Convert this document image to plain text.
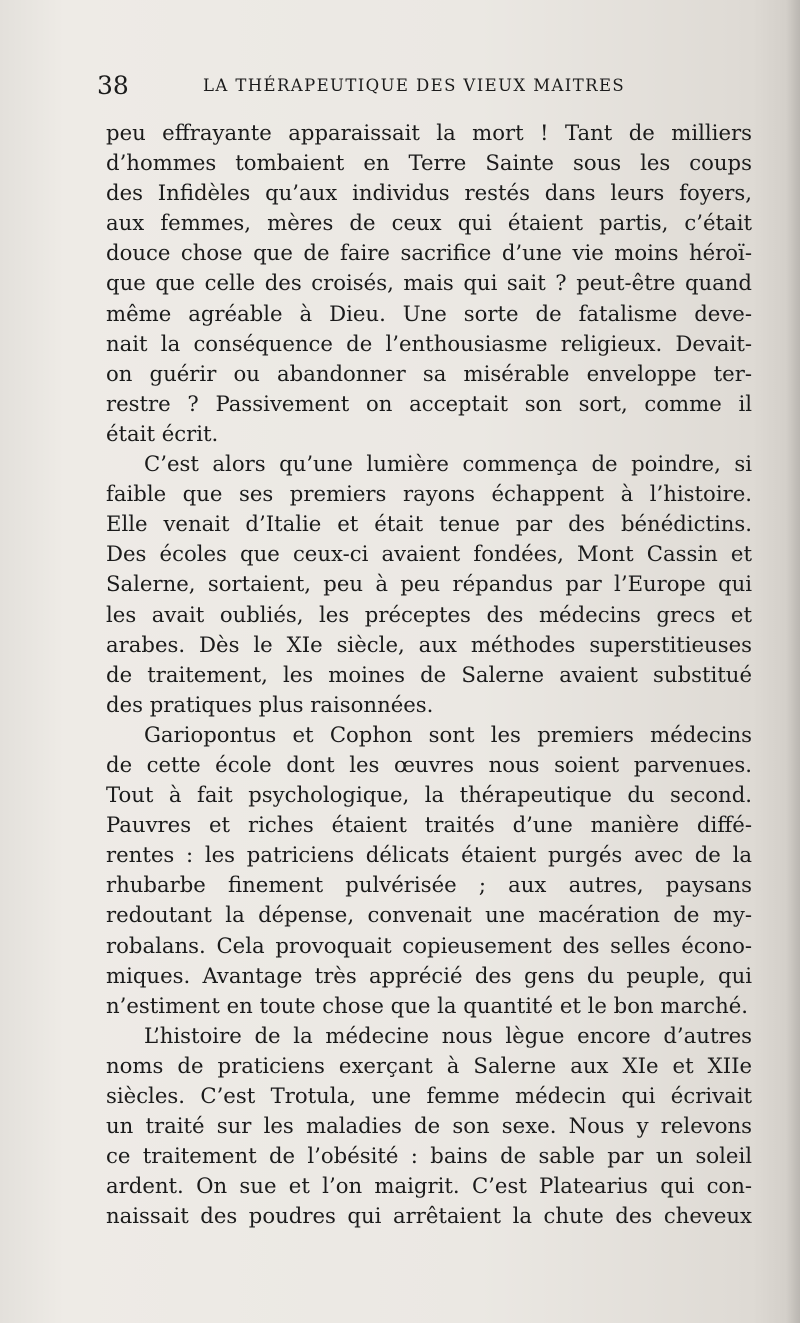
38	LA THÉRAPEUTIQUE DES VIEUX MAITRES
peu effrayante apparaissait la mort ! Tant de milliers
d’hommes tombaient en Terre Sainte sous les coups
des Infidèles qu’aux individus restés dans leurs foyers,
aux femmes, mères de ceux qui étaient partis, c’était
douce chose que de faire sacrifice d’une vie moins héroï-
que que celle des croisés, mais qui sait ? peut-être quand
même agréable à Dieu. Une sorte de fatalisme deve-
nait la conséquence de l’enthousiasme religieux. Devait-
on guérir ou abandonner sa misérable enveloppe ter-
restre ? Passivement on acceptait son sort, comme il
était écrit.
C’est alors qu’une lumière commença de poindre, si
faible que ses premiers rayons échappent à l’histoire.
Elle venait d’Italie et était tenue par des bénédictins.
Des écoles que ceux-ci avaient fondées, Mont Cassin et
Salerne, sortaient, peu à peu répandus par l’Europe qui
les avait oubliés, les préceptes des médecins grecs et
arabes. Dès le XIe siècle, aux méthodes superstitieuses
de traitement, les moines de Salerne avaient substitué
des pratiques plus raisonnées.
Gariopontus et Cophon sont les premiers médecins
de cette école dont les œuvres nous soient parvenues.
Tout à fait psychologique, la thérapeutique du second.
Pauvres et riches étaient traités d’une manière diffé-
rentes : les patriciens délicats étaient purgés avec de la
rhubarbe finement pulvérisée ; aux autres, paysans
redoutant la dépense, convenait une macération de my-
robalans. Cela provoquait copieusement des selles écono-
miques. Avantage très apprécié des gens du peuple, qui
n’estiment en toute chose que la quantité et le bon marché.
L’histoire de la médecine nous lègue encore d’autres
noms de praticiens exerçant à Salerne aux XIe et XIIe
siècles. C’est Trotula, une femme médecin qui écrivait
un traité sur les maladies de son sexe. Nous y relevons
ce traitement de l’obésité : bains de sable par un soleil
ardent. On sue et l’on maigrit. C’est Platearius qui con-
naissait des poudres qui arrêtaient la chute des cheveux
